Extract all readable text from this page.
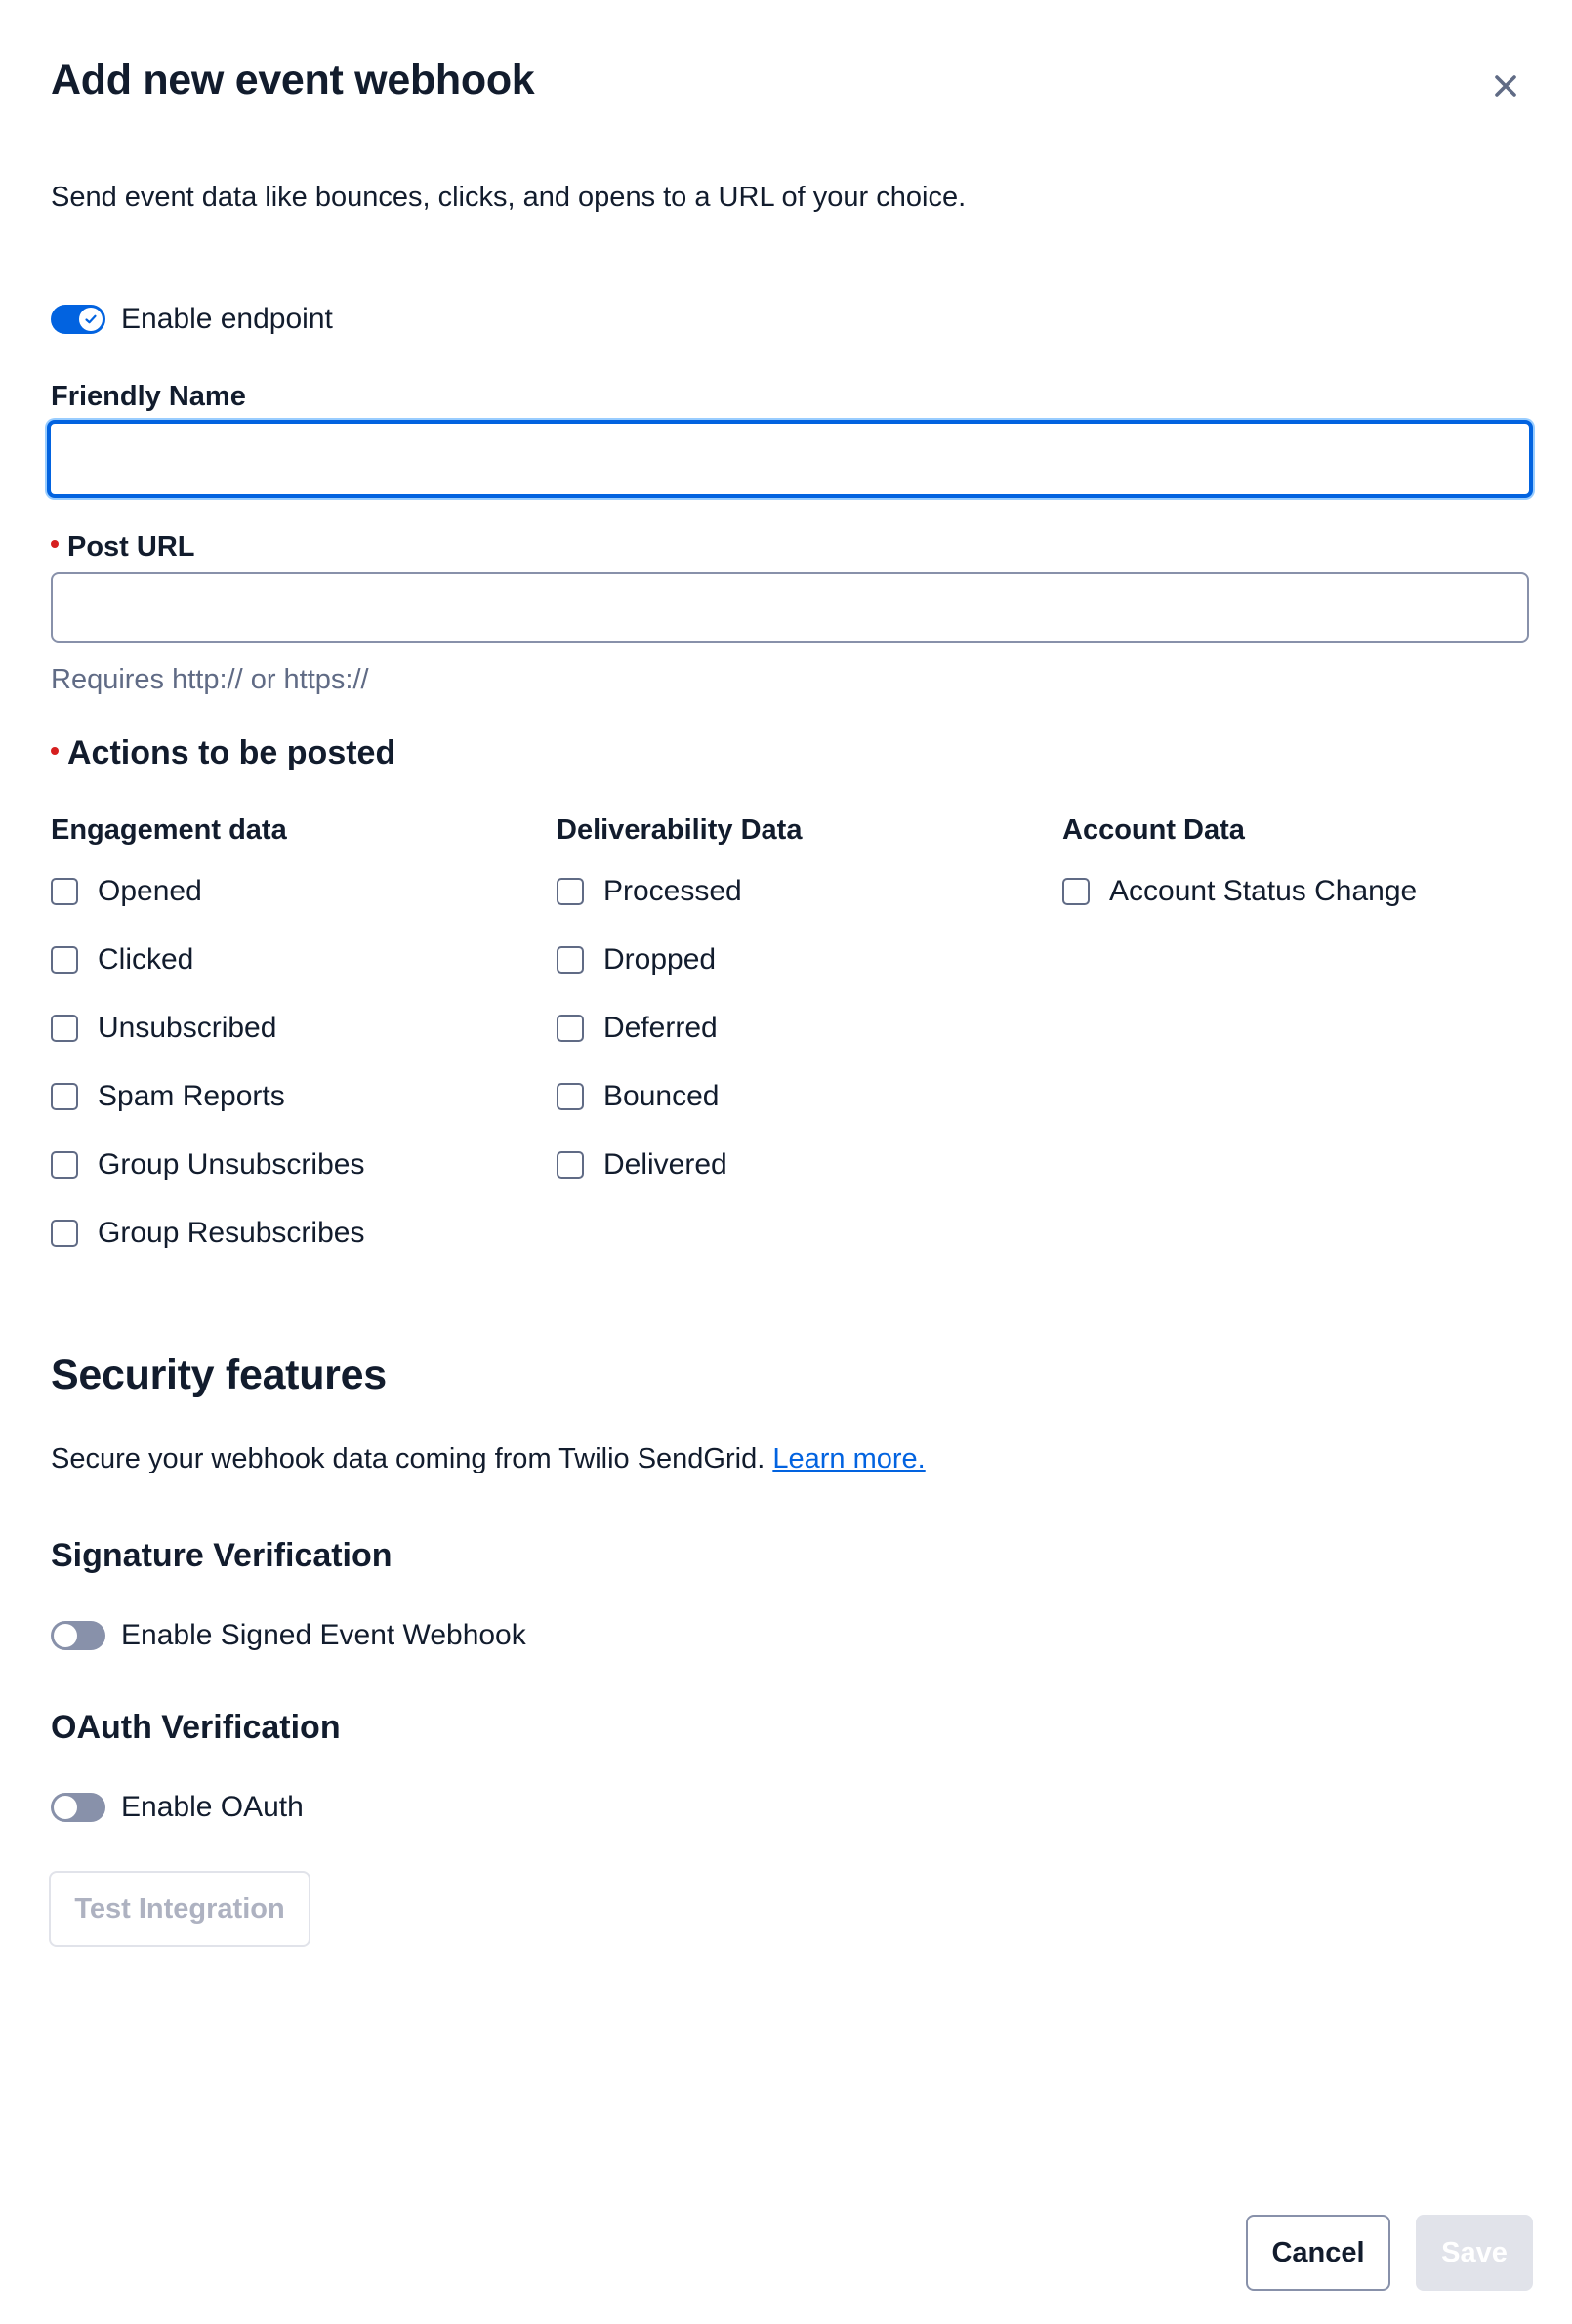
Add new event webhook
Send event data like bounces, clicks, and opens to a URL of your choice.
Enable endpoint
Friendly Name
Post URL
Requires http:// or https://
Actions to be posted
Engagement data
Opened
Clicked
Unsubscribed
Spam Reports
Group Unsubscribes
Group Resubscribes
Deliverability Data
Processed
Dropped
Deferred
Bounced
Delivered
Account Data
Account Status Change
Security features
Secure your webhook data coming from Twilio SendGrid. Learn more.
Signature Verification
Enable Signed Event Webhook
OAuth Verification
Enable OAuth
Test Integration
Cancel	Save
